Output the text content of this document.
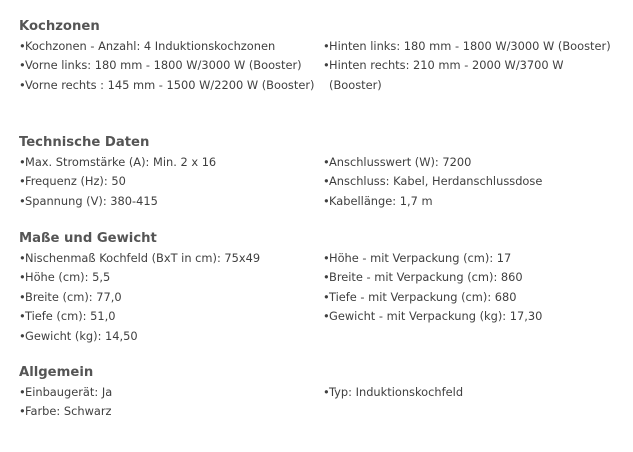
Kochzonen
•Kochzonen - Anzahl: 4 Induktionskochzonen
•Vorne links: 180 mm - 1800 W/3000 W (Booster)
•Vorne rechts : 145 mm - 1500 W/2200 W (Booster)
•Hinten links: 180 mm - 1800 W/3000 W (Booster)
•Hinten rechts: 210 mm - 2000 W/3700 W
(Booster)
Technische Daten
•Max. Stromstärke (A): Min. 2 x 16
•Frequenz (Hz): 50
•Spannung (V): 380-415
•Anschlusswert (W): 7200
•Anschluss: Kabel, Herdanschlussdose
•Kabellänge: 1,7 m
Maße und Gewicht
•Nischenmaß Kochfeld (BxT in cm): 75x49
•Höhe (cm): 5,5
•Breite (cm): 77,0
•Tiefe (cm): 51,0
•Gewicht (kg): 14,50
•Höhe - mit Verpackung (cm): 17
•Breite - mit Verpackung (cm): 860
•Tiefe - mit Verpackung (cm): 680
•Gewicht - mit Verpackung (kg): 17,30
Allgemein
•Einbaugerät: Ja
•Farbe: Schwarz
•Typ: Induktionskochfeld
